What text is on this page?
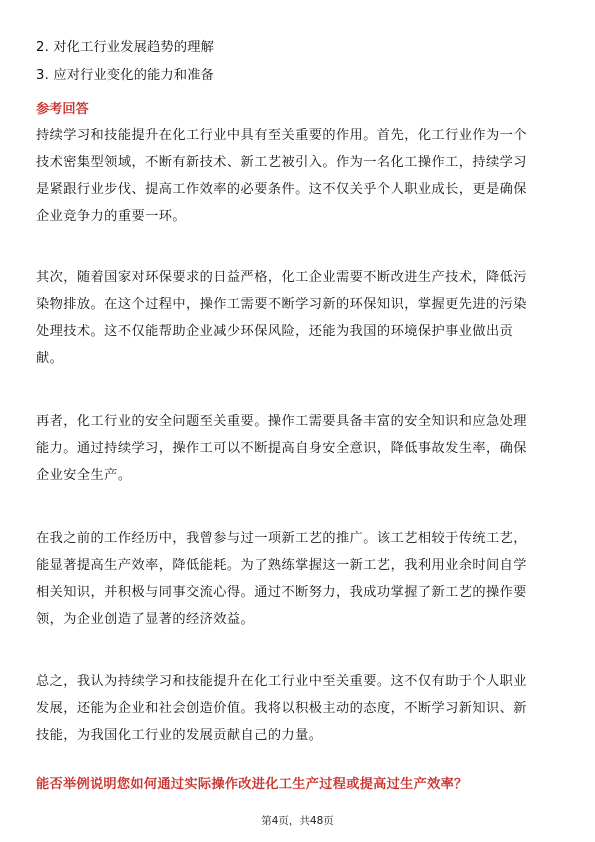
2. 对化工行业发展趋势的理解
3. 应对行业变化的能力和准备
参考回答
持续学习和技能提升在化工行业中具有至关重要的作用。首先，化工行业作为一个
技术密集型领域，不断有新技术、新工艺被引入。作为一名化工操作工，持续学习
是紧跟行业步伐、提高工作效率的必要条件。这不仅关乎个人职业成长，更是确保
企业竞争力的重要一环。
其次，随着国家对环保要求的日益严格，化工企业需要不断改进生产技术，降低污
染物排放。在这个过程中，操作工需要不断学习新的环保知识，掌握更先进的污染
处理技术。这不仅能帮助企业减少环保风险，还能为我国的环境保护事业做出贡
献。
再者，化工行业的安全问题至关重要。操作工需要具备丰富的安全知识和应急处理
能力。通过持续学习，操作工可以不断提高自身安全意识，降低事故发生率，确保
企业安全生产。
在我之前的工作经历中，我曾参与过一项新工艺的推广。该工艺相较于传统工艺，
能显著提高生产效率，降低能耗。为了熟练掌握这一新工艺，我利用业余时间自学
相关知识，并积极与同事交流心得。通过不断努力，我成功掌握了新工艺的操作要
领，为企业创造了显著的经济效益。
总之，我认为持续学习和技能提升在化工行业中至关重要。这不仅有助于个人职业
发展，还能为企业和社会创造价值。我将以积极主动的态度，不断学习新知识、新
技能，为我国化工行业的发展贡献自己的力量。
能否举例说明您如何通过实际操作改进化工生产过程或提高过生产效率？
第4页，共48页
